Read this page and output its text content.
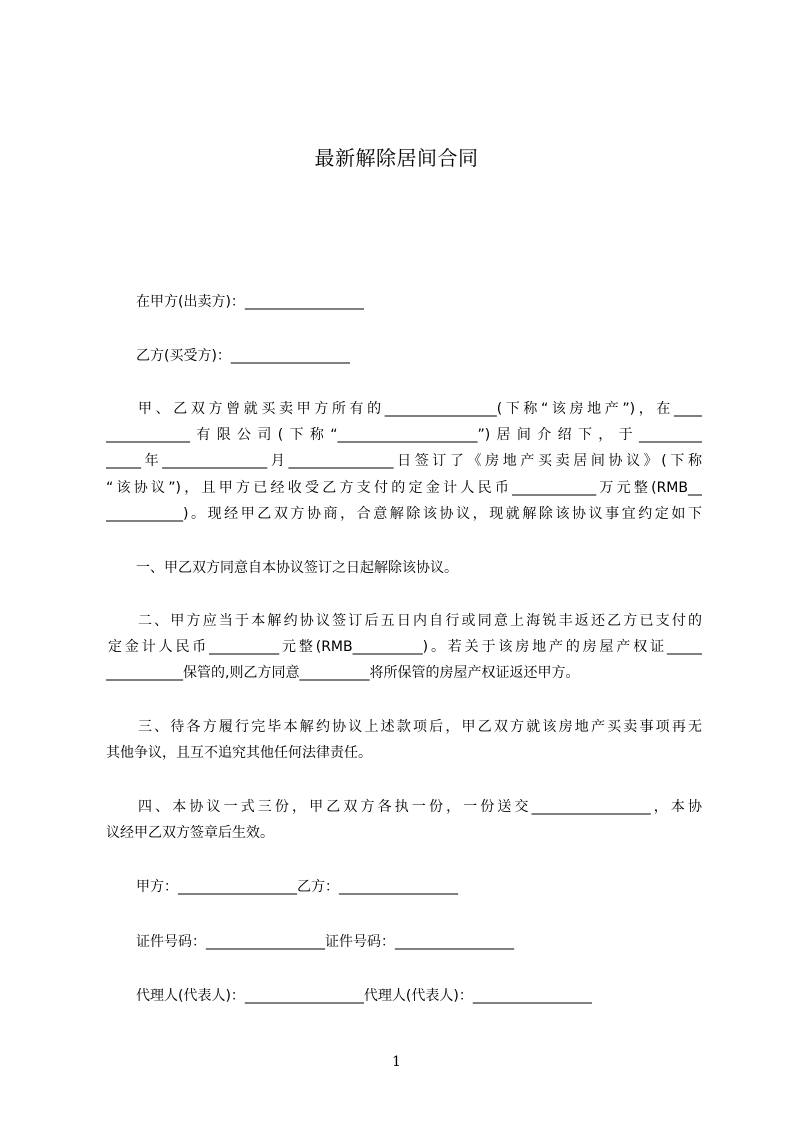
最新解除居间合同
在甲方(出卖方)：_________________
乙方(买受方)：_________________
甲、乙双方曾就买卖甲方所有的________________(下称“该房地产”)，在____
____________有限公司(下称“____________________”)居间介绍下，于_________
_____年_______________月_______________日签订了《房地产买卖居间协议》(下称
“该协议”)，且甲方已经收受乙方支付的定金计人民币____________万元整(RMB__
___________)。现经甲乙双方协商，合意解除该协议，现就解除该协议事宜约定如下
一、甲乙双方同意自本协议签订之日起解除该协议。
二、甲方应当于本解约协议签订后五日内自行或同意上海锐丰返还乙方已支付的
定金计人民币__________元整(RMB__________)。若关于该房地产的房屋产权证_____
___________保管的,则乙方同意__________将所保管的房屋产权证返还甲方。
三、待各方履行完毕本解约协议上述款项后，甲乙双方就该房地产买卖事项再无
其他争议，且互不追究其他任何法律责任。
四、本协议一式三份，甲乙双方各执一份，一份送交_________________，本协
议经甲乙双方签章后生效。
甲方：_________________乙方：_________________
证件号码：_________________证件号码：_________________
代理人(代表人)：_________________代理人(代表人)：_________________
1
